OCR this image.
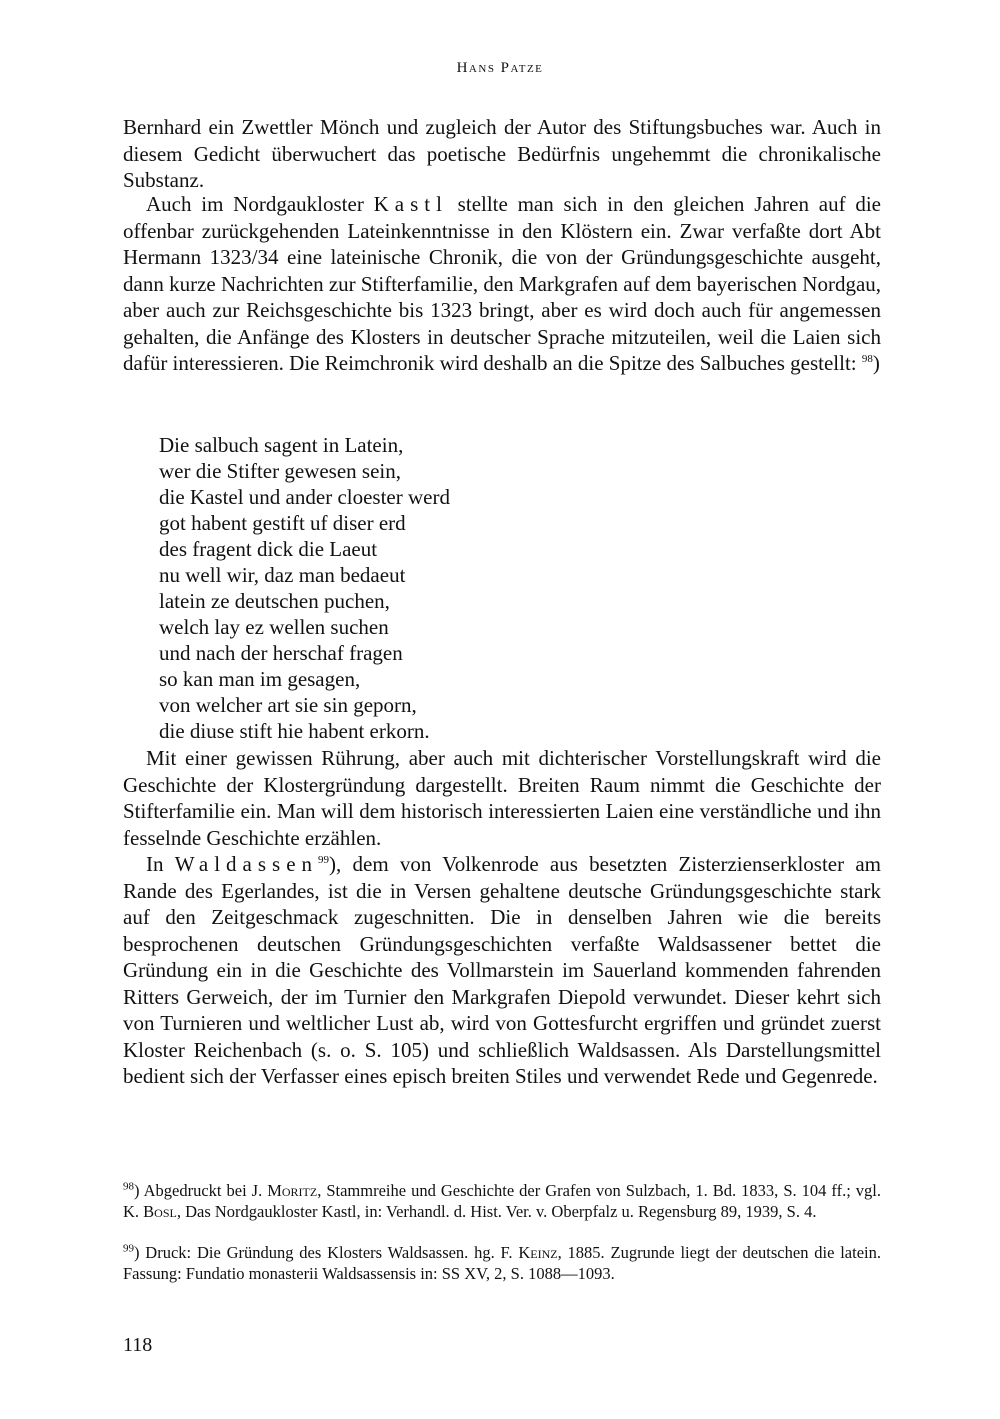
Hans Patze

Bernhard ein Zwettler Mönch und zugleich der Autor des Stiftungsbuches war. Auch in diesem Gedicht überwuchert das poetische Bedürfnis ungehemmt die chronikalische Substanz.

Auch im Nordgaukloster Kastl stellte man sich in den gleichen Jahren auf die offenbar zurückgehenden Lateinkenntnisse in den Klöstern ein. Zwar verfaßte dort Abt Hermann 1323/34 eine lateinische Chronik, die von der Gründungsgeschichte ausgeht, dann kurze Nachrichten zur Stifterfamilie, den Markgrafen auf dem bayerischen Nordgau, aber auch zur Reichsgeschichte bis 1323 bringt, aber es wird doch auch für angemessen gehalten, die Anfänge des Klosters in deutscher Sprache mitzuteilen, weil die Laien sich dafür interessieren. Die Reimchronik wird deshalb an die Spitze des Salbuches gestellt: $^{98}$)

Die salbuch sagent in Latein,
wer die Stifter gewesen sein,
die Kastel und ander cloester werd
got habent gestift uf diser erd
des fragent dick die Laeut
nu well wir, daz man bedaeut
latein ze deutschen puchen,
welch lay ez wellen suchen
und nach der herschaf fragen
so kan man im gesagen,
von welcher art sie sin geporn,
die diuse stift hie habent erkorn.

Mit einer gewissen Rührung, aber auch mit dichterischer Vorstellungskraft wird die Geschichte der Klostergründung dargestellt. Breiten Raum nimmt die Geschichte der Stifterfamilie ein. Man will dem historisch interessierten Laien eine verständliche und ihn fesselnde Geschichte erzählen.

In Waldassen$^{99}$), dem von Volkenrode aus besetzten Zisterzienserkloster am Rande des Egerlandes, ist die in Versen gehaltene deutsche Gründungsgeschichte stark auf den Zeitgeschmack zugeschnitten. Die in denselben Jahren wie die bereits besprochenen deutschen Gründungsgeschichten verfaßte Waldsassener bettet die Gründung ein in die Geschichte des Vollmarstein im Sauerland kommenden fahrenden Ritters Gerweich, der im Turnier den Markgrafen Diepold verwundet. Dieser kehrt sich von Turnieren und weltlicher Lust ab, wird von Gottesfurcht ergriffen und gründet zuerst Kloster Reichenbach (s. o. S. 105) und schließlich Waldsassen. Als Darstellungsmittel bedient sich der Verfasser eines episch breiten Stiles und verwendet Rede und Gegenrede.

$^{98}$) Abgedruckt bei J. Moritz, Stammreihe und Geschichte der Grafen von Sulzbach, 1. Bd. 1833, S. 104 ff.; vgl. K. Bosl, Das Nordgaukloster Kastl, in: Verhandl. d. Hist. Ver. v. Oberpfalz u. Regensburg 89, 1939, S. 4.

$^{99}$) Druck: Die Gründung des Klosters Waldsassen. hg. F. Keinz, 1885. Zugrunde liegt der deutschen die latein. Fassung: Fundatio monasterii Waldsassensis in: SS XV, 2, S. 1088—1093.

118
